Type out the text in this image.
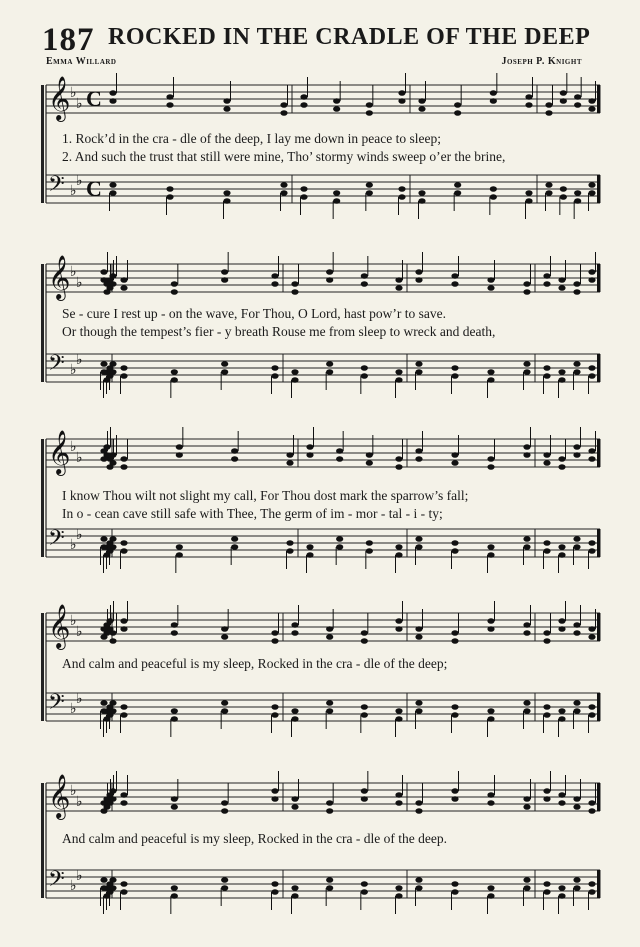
187 ROCKED IN THE CRADLE OF THE DEEP
Emma Willard	Joseph P. Knight
𝄞 ♭
♭ C
𝄢 ♭
♭ C
1. Rock’d in the cra - dle of the deep, I lay me down in peace to sleep;
2. And such the trust that still were mine, Tho’ stormy winds sweep o’er the brine,
𝄞 ♭
♭
𝄢 ♭
♭
Se - cure I rest up - on the wave, For Thou, O Lord, hast pow’r to save.
Or though the tempest’s fier - y breath Rouse me from sleep to wreck and death,
𝄞 ♭
♭
𝄢 ♭
♭
I know Thou wilt not slight my call, For Thou dost mark the sparrow’s fall;
In o - cean cave still safe with Thee, The germ of im - mor - tal - i - ty;
𝄞 ♭
♭
𝄢 ♭
♭
And calm and peaceful is my sleep, Rocked in the cra - dle of the deep;
𝄞 ♭
♭
𝄢 ♭
♭
And calm and peaceful is my sleep, Rocked in the cra - dle of the deep.
